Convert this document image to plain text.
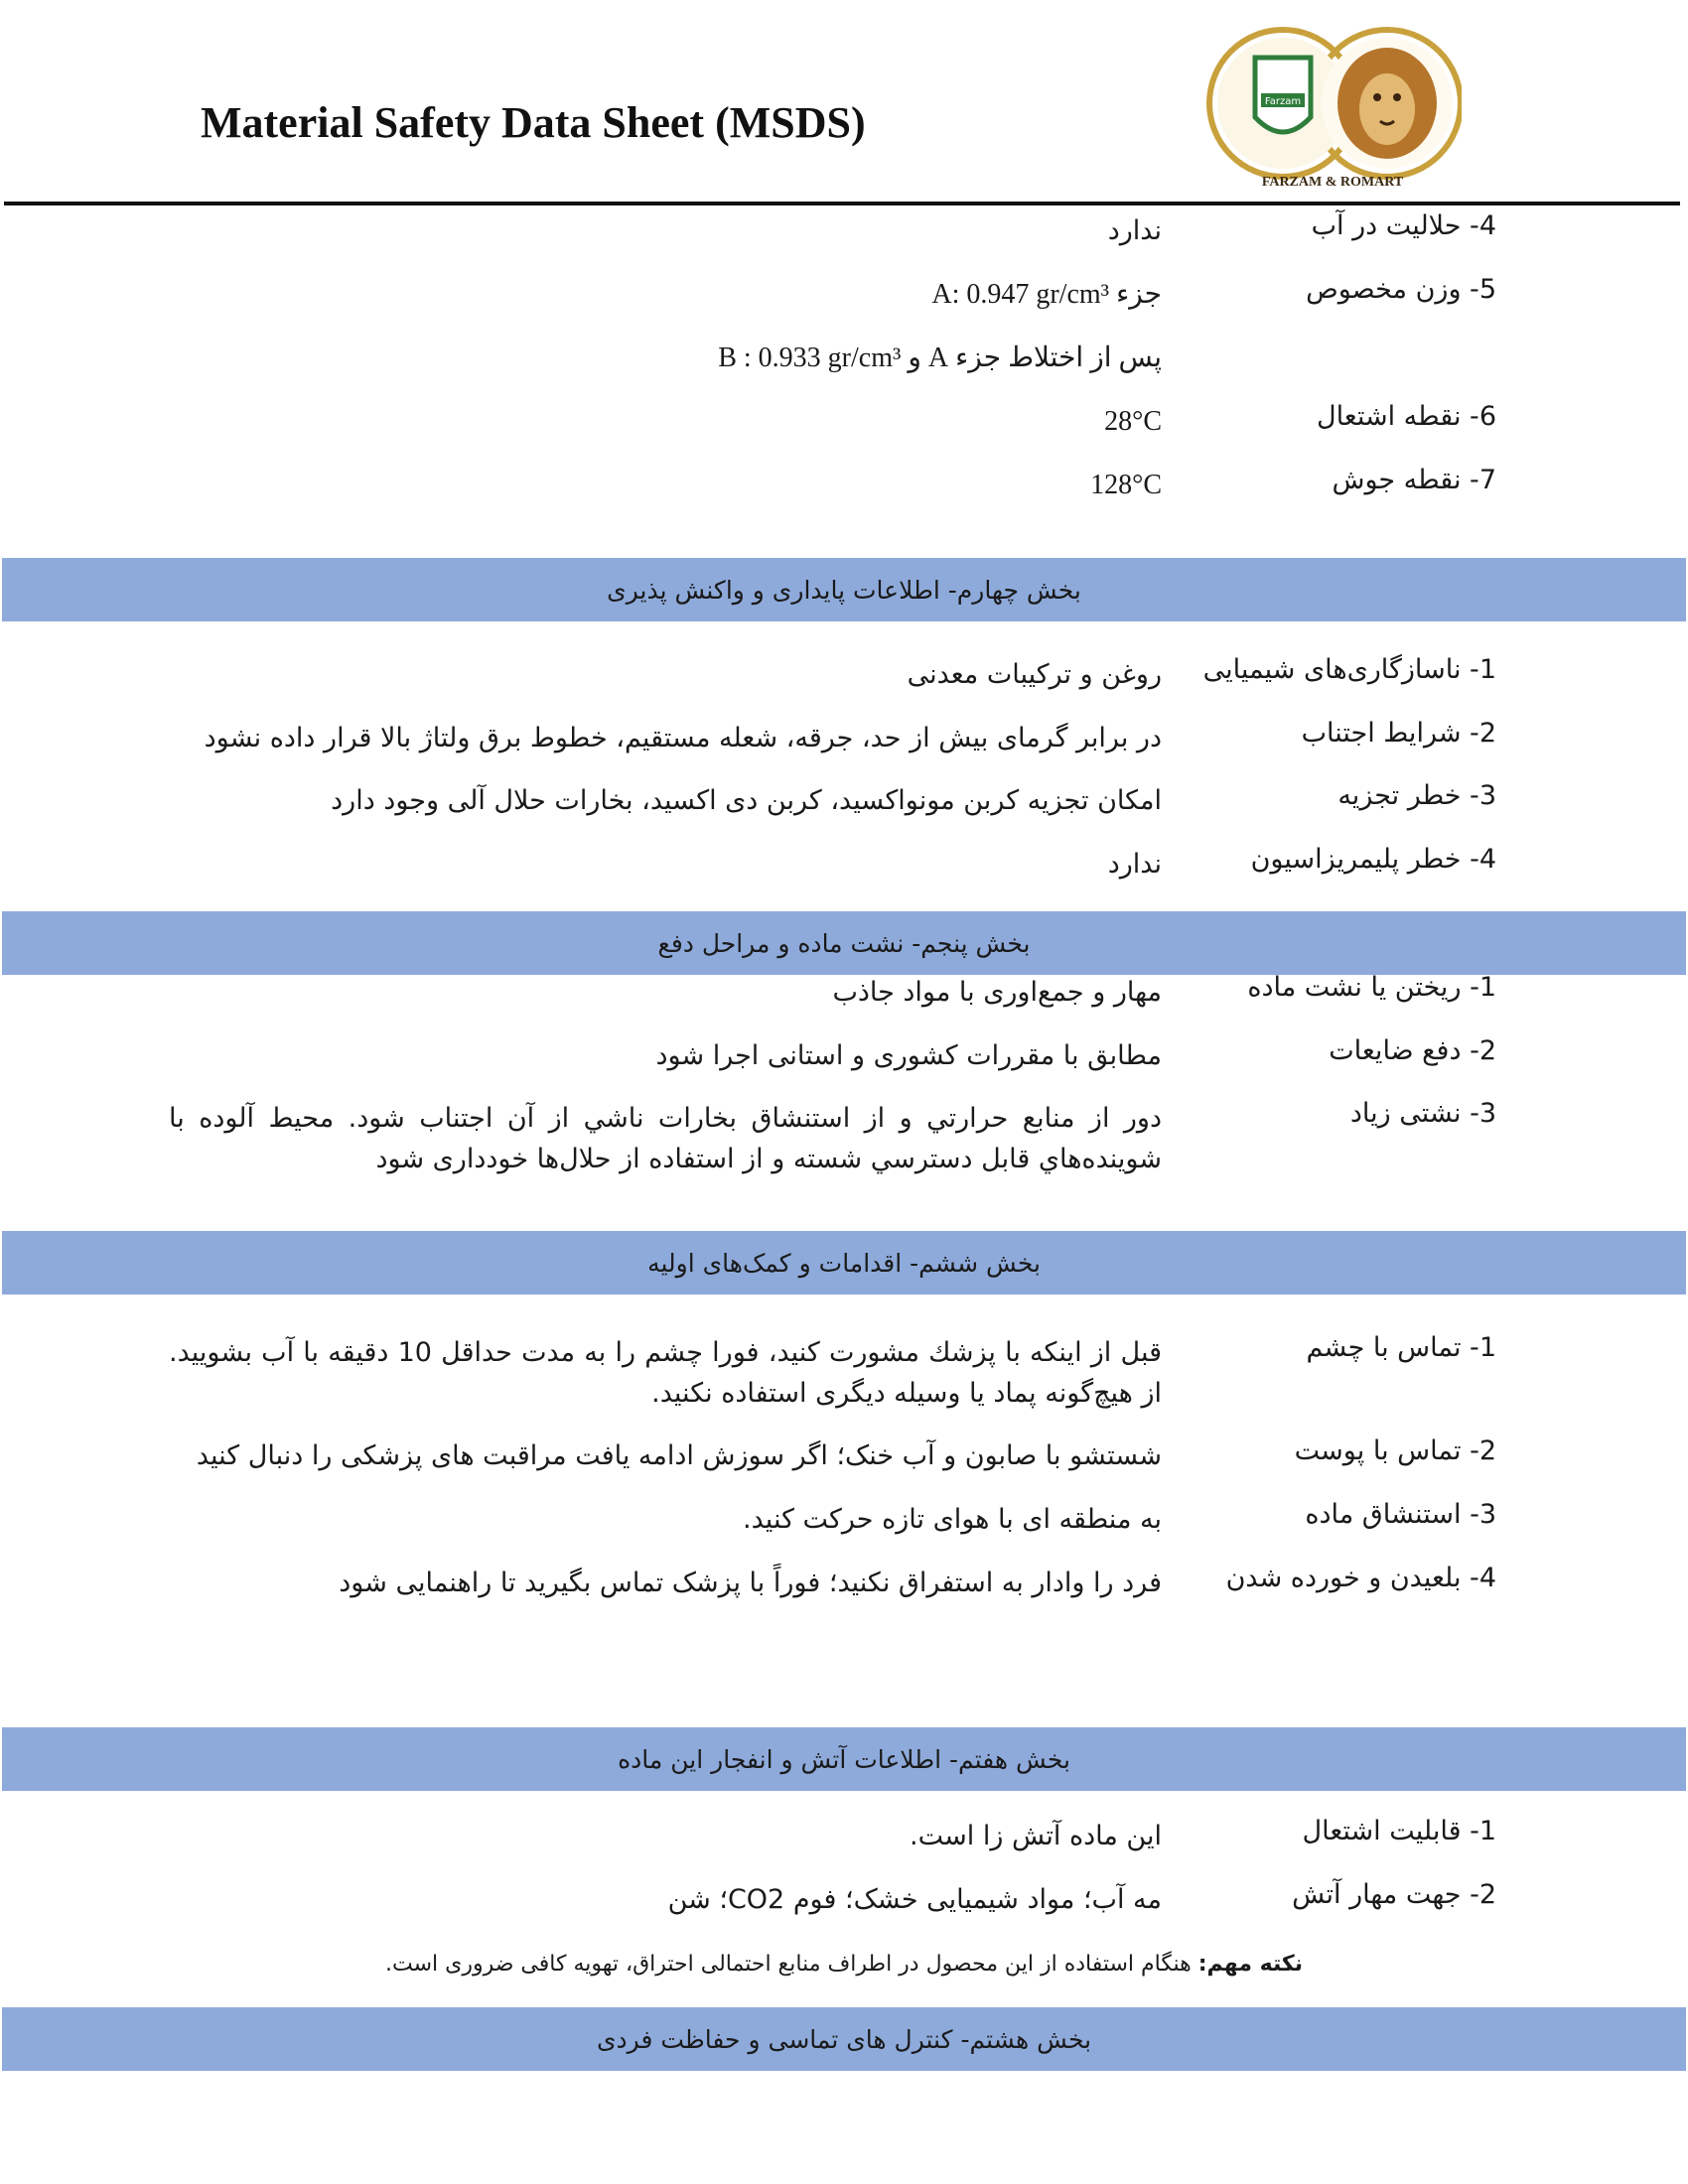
Material Safety Data Sheet (MSDS)	Farzam
FARZAM & ROMART
4- حلالیت در آب
ندارد
5- وزن مخصوص
جزء A: 0.947 gr/cm³
پس از اختلاط جزء A و B : 0.933 gr/cm³
6- نقطه اشتعال
28°C
7- نقطه جوش
128°C
بخش چهارم- اطلاعات پایداری و واکنش پذیری
1- ناسازگاری‌های شیمیایی
روغن و ترکیبات معدنی
2- شرایط اجتناب
در برابر گرمای بیش از حد، جرقه، شعله مستقیم، خطوط برق ولتاژ بالا قرار داده نشود
3- خطر تجزیه
امکان تجزیه کربن مونواکسید، کربن دی اکسید، بخارات حلال آلی وجود دارد
4- خطر پلیمریزاسیون
ندارد
بخش پنجم- نشت ماده و مراحل دفع
1- ریختن یا نشت ماده
مهار و جمع‌اوری با مواد جاذب
2- دفع ضایعات
مطابق با مقررات کشوری و استانی اجرا شود
3- نشتی زیاد
دور از منابع حرارتي و از استنشاق بخارات ناشي از آن اجتناب شود. محیط آلوده با شوینده‌هاي قابل دسترسي شسته و از استفاده از حلال‌ها خودداری شود
بخش ششم- اقدامات و کمک‌های اولیه
1- تماس با چشم
قبل از اینکه با پزشك مشورت کنید، فورا چشم را به مدت حداقل 10 دقیقه با آب بشویید. از هیچ‌گونه پماد یا وسیله دیگری استفاده نکنید.
2- تماس با پوست
شستشو با صابون و آب خنک؛ اگر سوزش ادامه یافت مراقبت های پزشکی را دنبال کنید
3- استنشاق ماده
به منطقه ای با هوای تازه حرکت کنید.
4- بلعیدن و خورده شدن
فرد را وادار به استفراق نکنید؛ فوراً با پزشک تماس بگیرید تا راهنمایی شود
بخش هفتم- اطلاعات آتش و انفجار این ماده
1- قابلیت اشتعال
این ماده آتش زا است.
2- جهت مهار آتش
مه آب؛ مواد شیمیایی خشک؛ فوم CO2؛ شن
نکته مهم: هنگام استفاده از این محصول در اطراف منابع احتمالی احتراق، تهویه کافی ضروری است.
بخش هشتم- کنترل های تماسی و حفاظت فردی
